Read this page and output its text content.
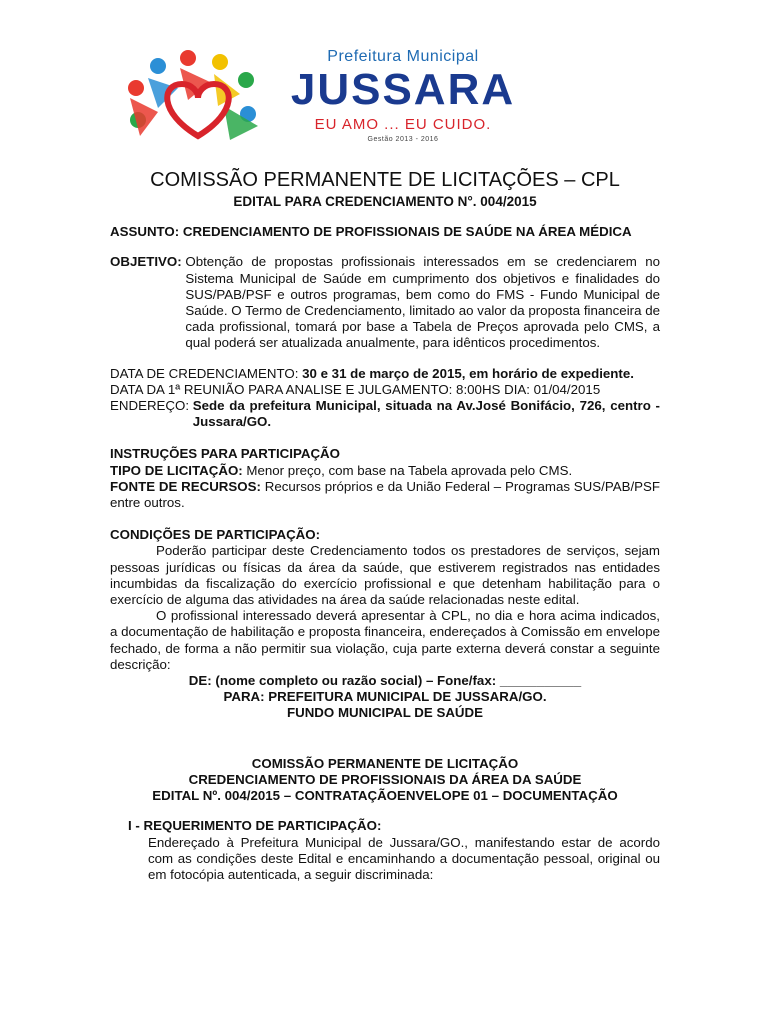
Prefeitura Municipal
JUSSARA
EU AMO ... EU CUIDO.
Gestão 2013 - 2016
COMISSÃO PERMANENTE DE LICITAÇÕES – CPL
EDITAL PARA CREDENCIAMENTO N°. 004/2015
ASSUNTO: CREDENCIAMENTO DE PROFISSIONAIS DE SAÚDE NA ÁREA MÉDICA
OBJETIVO: Obtenção de propostas profissionais interessados em se credenciarem no Sistema Municipal de Saúde em cumprimento dos objetivos e finalidades do SUS/PAB/PSF e outros programas, bem como do FMS - Fundo Municipal de Saúde. O Termo de Credenciamento, limitado ao valor da proposta financeira de cada profissional, tomará por base a Tabela de Preços aprovada pelo CMS, a qual poderá ser atualizada anualmente, para idênticos procedimentos.
DATA DE CREDENCIAMENTO: 30 e 31 de março de 2015, em horário de expediente.
DATA DA 1ª REUNIÃO PARA ANALISE E JULGAMENTO: 8:00HS DIA: 01/04/2015
ENDEREÇO: Sede da prefeitura Municipal, situada na Av.José Bonifácio, 726, centro - Jussara/GO.
INSTRUÇÕES PARA PARTICIPAÇÃO
TIPO DE LICITAÇÃO: Menor preço, com base na Tabela aprovada pelo CMS.
FONTE DE RECURSOS: Recursos próprios e da União Federal – Programas SUS/PAB/PSF entre outros.
CONDIÇÕES DE PARTICIPAÇÃO:
Poderão participar deste Credenciamento todos os prestadores de serviços, sejam pessoas jurídicas ou físicas da área da saúde, que estiverem registrados nas entidades incumbidas da fiscalização do exercício profissional e que detenham habilitação para o exercício de alguma das atividades na área da saúde relacionadas neste edital.
O profissional interessado deverá apresentar à CPL, no dia e hora acima indicados, a documentação de habilitação e proposta financeira, endereçados à Comissão em envelope fechado, de forma a não permitir sua violação, cuja parte externa deverá constar a seguinte descrição:
DE: (nome completo ou razão social) – Fone/fax: ___________
PARA: PREFEITURA MUNICIPAL DE JUSSARA/GO.
FUNDO MUNICIPAL DE SAÚDE
COMISSÃO PERMANENTE DE LICITAÇÃO
CREDENCIAMENTO DE PROFISSIONAIS DA ÁREA DA SAÚDE
EDITAL Nº. 004/2015 – CONTRATAÇÃOENVELOPE 01 – DOCUMENTAÇÃO
I - REQUERIMENTO DE PARTICIPAÇÃO:
Endereçado à Prefeitura Municipal de Jussara/GO., manifestando estar de acordo com as condições deste Edital e encaminhando a documentação pessoal, original ou em fotocópia autenticada, a seguir discriminada:
